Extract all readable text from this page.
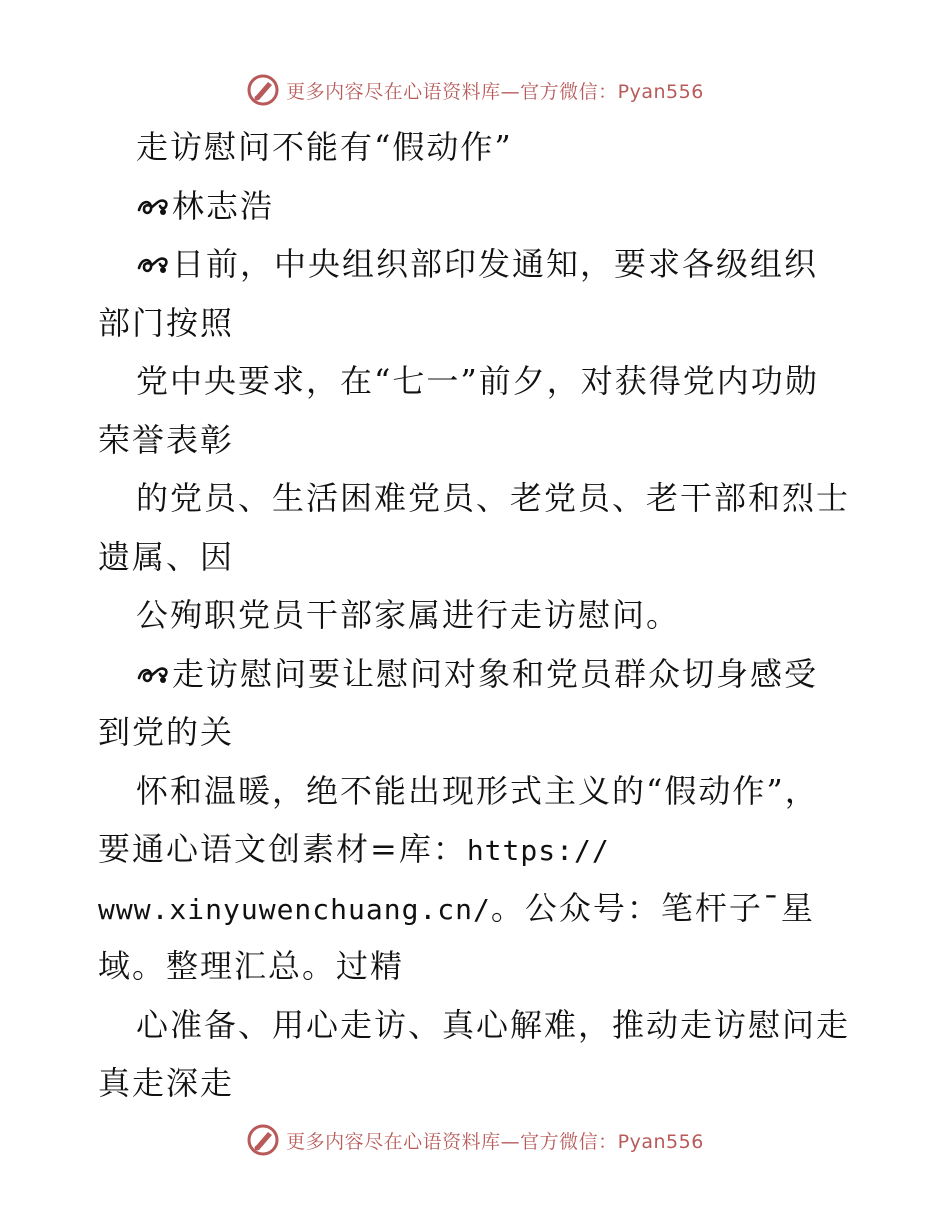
更多内容尽在心语资料库—官方微信：Pyan556
走访慰问不能有“假动作”
林志浩
日前，中央组织部印发通知，要求各级组织
部门按照
党中央要求，在“七一”前夕，对获得党内功勋
荣誉表彰
的党员、生活困难党员、老党员、老干部和烈士
遗属、因
公殉职党员干部家属进行走访慰问。
走访慰问要让慰问对象和党员群众切身感受
到党的关
怀和温暖，绝不能出现形式主义的“假动作”，
要通心语文创素材=库：https://
www.xinyuwenchuang.cn/。公众号：笔杆子ˉ星
域。整理汇总。过精
心准备、用心走访、真心解难，推动走访慰问走
真走深走
更多内容尽在心语资料库—官方微信：Pyan556
